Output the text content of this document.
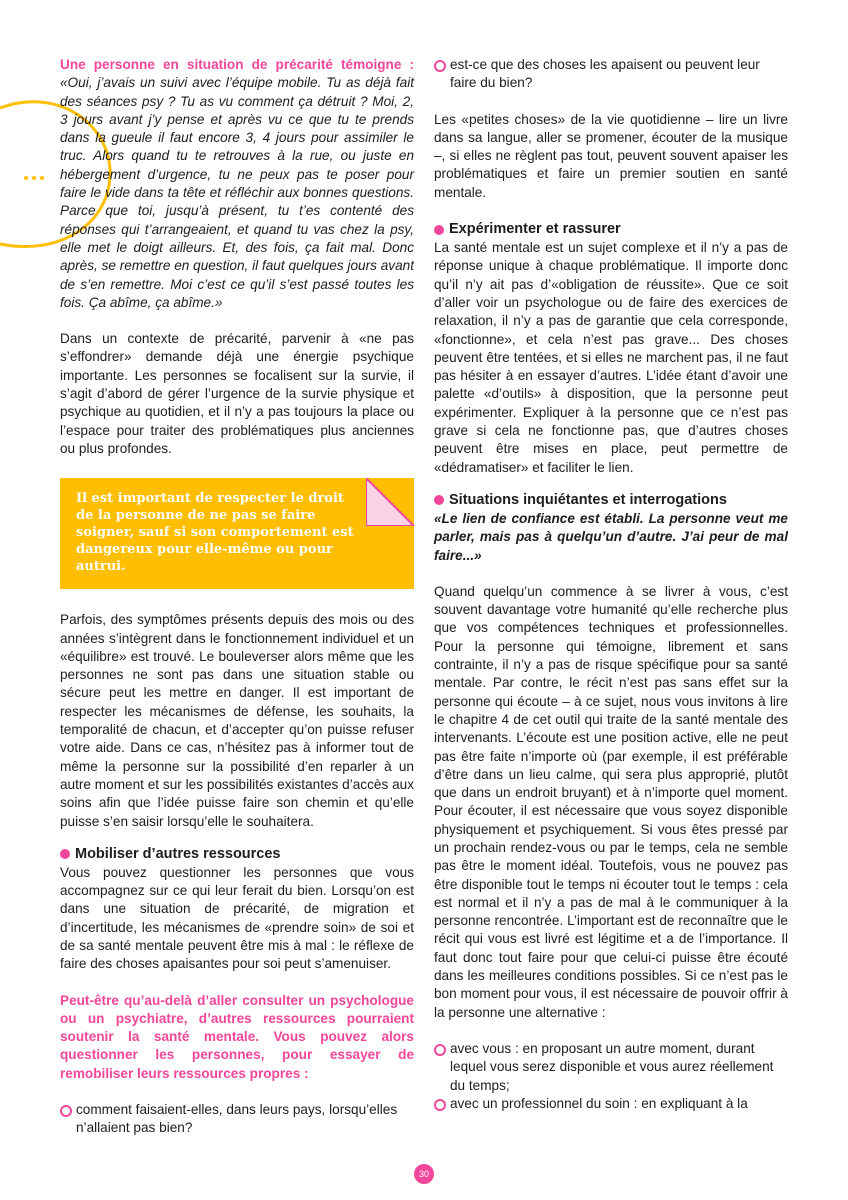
Une personne en situation de précarité témoigne : «Oui, j’avais un suivi avec l’équipe mobile. Tu as déjà fait des séances psy ? Tu as vu comment ça détruit ? Moi, 2, 3 jours avant j’y pense et après vu ce que tu te prends dans la gueule il faut encore 3, 4 jours pour assimiler le truc. Alors quand tu te retrouves à la rue, ou juste en hébergement d’urgence, tu ne peux pas te poser pour faire le vide dans ta tête et réfléchir aux bonnes questions. Parce que toi, jusqu’à présent, tu t’es contenté des réponses qui t’arrangeaient, et quand tu vas chez la psy, elle met le doigt ailleurs. Et, des fois, ça fait mal. Donc après, se remettre en question, il faut quelques jours avant de s’en remettre. Moi c’est ce qu’il s’est passé toutes les fois. Ça abîme, ça abîme.»

Dans un contexte de précarité, parvenir à «ne pas s’effondrer» demande déjà une énergie psychique importante. Les personnes se focalisent sur la survie, il s’agit d’abord de gérer l’urgence de la survie physique et psychique au quotidien, et il n’y a pas toujours la place ou l’espace pour traiter des problématiques plus anciennes ou plus profondes.

Il est important de respecter le droit de la personne de ne pas se faire soigner, sauf si son comportement est dangereux pour elle-même ou pour autrui.

Parfois, des symptômes présents depuis des mois ou des années s’intègrent dans le fonctionnement individuel et un «équilibre» est trouvé. Le bouleverser alors même que les personnes ne sont pas dans une situation stable ou sécure peut les mettre en danger. Il est important de respecter les mécanismes de défense, les souhaits, la temporalité de chacun, et d’accepter qu’on puisse refuser votre aide. Dans ce cas, n’hésitez pas à informer tout de même la personne sur la possibilité d’en reparler à un autre moment et sur les possibilités existantes d’accès aux soins afin que l’idée puisse faire son chemin et qu’elle puisse s’en saisir lorsqu’elle le souhaitera.

Mobiliser d’autres ressources

Vous pouvez questionner les personnes que vous accompagnez sur ce qui leur ferait du bien. Lorsqu’on est dans une situation de précarité, de migration et d’incertitude, les mécanismes de «prendre soin» de soi et de sa santé mentale peuvent être mis à mal : le réflexe de faire des choses apaisantes pour soi peut s’amenuiser.

Peut-être qu’au-delà d’aller consulter un psychologue ou un psychiatre, d’autres ressources pourraient soutenir la santé mentale. Vous pouvez alors questionner les personnes, pour essayer de remobiliser leurs ressources propres :

comment faisaient-elles, dans leurs pays, lorsqu’elles n’allaient pas bien?

est-ce que des choses les apaisent ou peuvent leur faire du bien?

Les «petites choses» de la vie quotidienne – lire un livre dans sa langue, aller se promener, écouter de la musique –, si elles ne règlent pas tout, peuvent souvent apaiser les problématiques et faire un premier soutien en santé mentale.

Expérimenter et rassurer

La santé mentale est un sujet complexe et il n’y a pas de réponse unique à chaque problématique. Il importe donc qu’il n’y ait pas d’«obligation de réussite». Que ce soit d’aller voir un psychologue ou de faire des exercices de relaxation, il n’y a pas de garantie que cela corresponde, «fonctionne», et cela n’est pas grave... Des choses peuvent être tentées, et si elles ne marchent pas, il ne faut pas hésiter à en essayer d’autres. L’idée étant d’avoir une palette «d’outils» à disposition, que la personne peut expérimenter. Expliquer à la personne que ce n’est pas grave si cela ne fonctionne pas, que d’autres choses peuvent être mises en place, peut permettre de «dédramatiser» et faciliter le lien.

Situations inquiétantes et interrogations

«Le lien de confiance est établi. La personne veut me parler, mais pas à quelqu’un d’autre. J’ai peur de mal faire...»

Quand quelqu’un commence à se livrer à vous, c’est souvent davantage votre humanité qu’elle recherche plus que vos compétences techniques et professionnelles. Pour la personne qui témoigne, librement et sans contrainte, il n’y a pas de risque spécifique pour sa santé mentale. Par contre, le récit n’est pas sans effet sur la personne qui écoute – à ce sujet, nous vous invitons à lire le chapitre 4 de cet outil qui traite de la santé mentale des intervenants. L’écoute est une position active, elle ne peut pas être faite n’importe où (par exemple, il est préférable d’être dans un lieu calme, qui sera plus approprié, plutôt que dans un endroit bruyant) et à n’importe quel moment. Pour écouter, il est nécessaire que vous soyez disponible physiquement et psychiquement. Si vous êtes pressé par un prochain rendez-vous ou par le temps, cela ne semble pas être le moment idéal. Toutefois, vous ne pouvez pas être disponible tout le temps ni écouter tout le temps : cela est normal et il n’y a pas de mal à le communiquer à la personne rencontrée. L’important est de reconnaître que le récit qui vous est livré est légitime et a de l’importance. Il faut donc tout faire pour que celui-ci puisse être écouté dans les meilleures conditions possibles. Si ce n’est pas le bon moment pour vous, il est nécessaire de pouvoir offrir à la personne une alternative :

avec vous : en proposant un autre moment, durant lequel vous serez disponible et vous aurez réellement du temps;

avec un professionnel du soin : en expliquant à la

30
